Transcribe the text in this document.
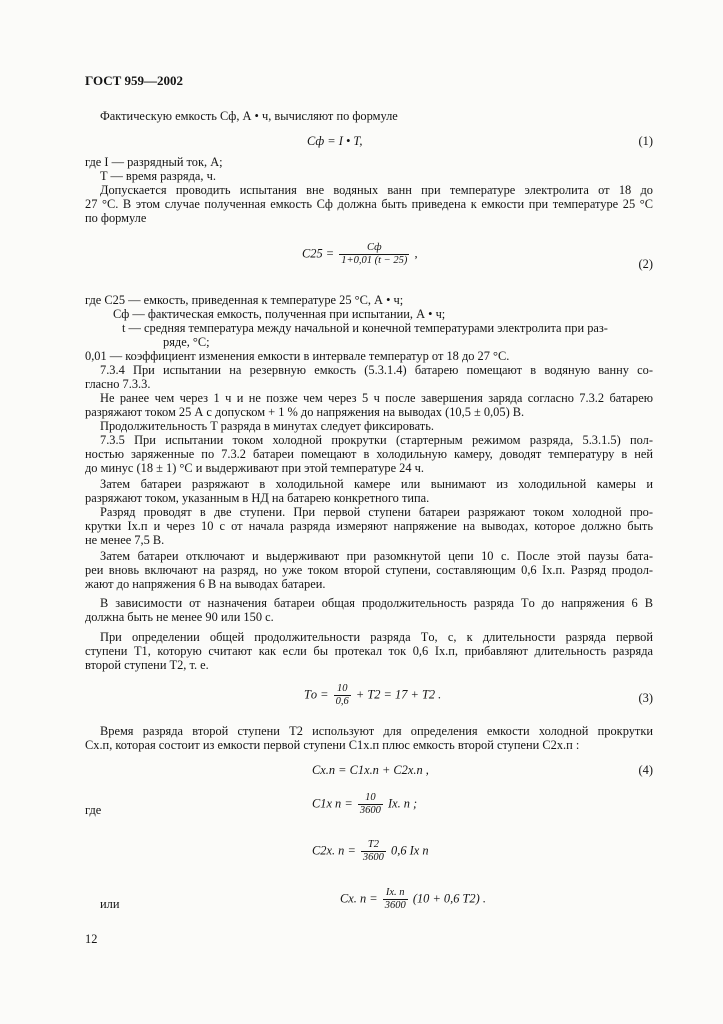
ГОСТ 959—2002
Фактическую емкость Сф, А • ч, вычисляют по формуле
Сф = I • T,	(1)
где I — разрядный ток, А;
T — время разряда, ч.
Допускается проводить испытания вне водяных ванн при температуре электролита от 18 до
27 °С. В этом случае полученная емкость Сф должна быть приведена к емкости при температуре 25 °С
по формуле
$С25 = \frac{Сф}{1+0,01 (t - 25)}$ ,
(2)
где С25 — емкость, приведенная к температуре 25 °С, А • ч;
Сф — фактическая емкость, полученная при испытании, А • ч;
t — средняя температура между начальной и конечной температурами электролита при раз-
ряде, °С;
0,01 — коэффициент изменения емкости в интервале температур от 18 до 27 °С.
7.3.4 При испытании на резервную емкость (5.3.1.4) батарею помещают в водяную ванну со-
гласно 7.3.3.
Не ранее чем через 1 ч и не позже чем через 5 ч после завершения заряда согласно 7.3.2 батарею
разряжают током 25 А с допуском + 1 % до напряжения на выводах (10,5 ± 0,05) В.
Продолжительность T разряда в минутах следует фиксировать.
7.3.5 При испытании током холодной прокрутки (стартерным режимом разряда, 5.3.1.5) пол-
ностью заряженные по 7.3.2 батареи помещают в холодильную камеру, доводят температуру в ней
до минус (18 ± 1) °С и выдерживают при этой температуре 24 ч.
Затем батареи разряжают в холодильной камере или вынимают из холодильной камеры и
разряжают током, указанным в НД на батарею конкретного типа.
Разряд проводят в две ступени. При первой ступени батареи разряжают током холодной про-
крутки Iх.п и через 10 с от начала разряда измеряют напряжение на выводах, которое должно быть
не менее 7,5 В.
Затем батареи отключают и выдерживают при разомкнутой цепи 10 с. После этой паузы бата-
реи вновь включают на разряд, но уже током второй ступени, составляющим 0,6 Iх.п. Разряд продол-
жают до напряжения 6 В на выводах батареи.
В зависимости от назначения батареи общая продолжительность разряда Tо до напряжения 6 В
должна быть не менее 90 или 150 с.
При определении общей продолжительности разряда Tо, с, к длительности разряда первой
ступени T1, которую считают как если бы протекал ток 0,6 Iх.п, прибавляют длительность разряда
второй ступени T2, т. е.
Tо = $\frac{10}{0,6} + T2 = 17 + T2$ .	(3)
Время разряда второй ступени T2 используют для определения емкости холодной прокрутки
Cх.п, которая состоит из емкости первой ступени C1х.п плюс емкость второй ступени C2х.п :
Cх.п = C1х.п + C2х.п ,	(4)
где	C1х $п = \frac{10}{3600}$ Iх. п ;
C2х. $п = \frac{T2}{3600} 0,6$ Iх п
или	Cх. $п = \frac{Iх. п}{3600} (10 + 0,6$ T2) .
12
